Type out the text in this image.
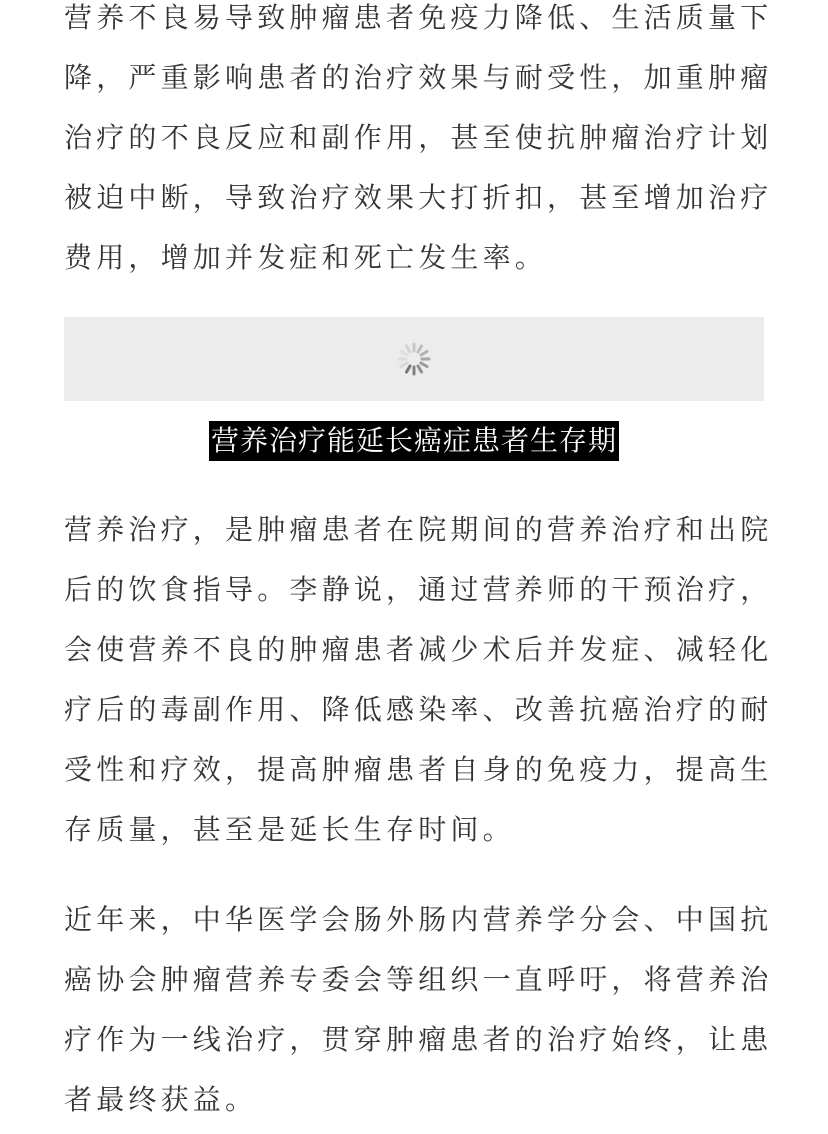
营养不良易导致肿瘤患者免疫力降低、生活质量下
降，严重影响患者的治疗效果与耐受性，加重肿瘤
治疗的不良反应和副作用，甚至使抗肿瘤治疗计划
被迫中断，导致治疗效果大打折扣，甚至增加治疗
费用，增加并发症和死亡发生率。

营养治疗能延长癌症患者生存期

营养治疗，是肿瘤患者在院期间的营养治疗和出院
后的饮食指导。李静说，通过营养师的干预治疗，
会使营养不良的肿瘤患者减少术后并发症、减轻化
疗后的毒副作用、降低感染率、改善抗癌治疗的耐
受性和疗效，提高肿瘤患者自身的免疫力，提高生
存质量，甚至是延长生存时间。

近年来，中华医学会肠外肠内营养学分会、中国抗
癌协会肿瘤营养专委会等组织一直呼吁，将营养治
疗作为一线治疗，贯穿肿瘤患者的治疗始终，让患
者最终获益。
